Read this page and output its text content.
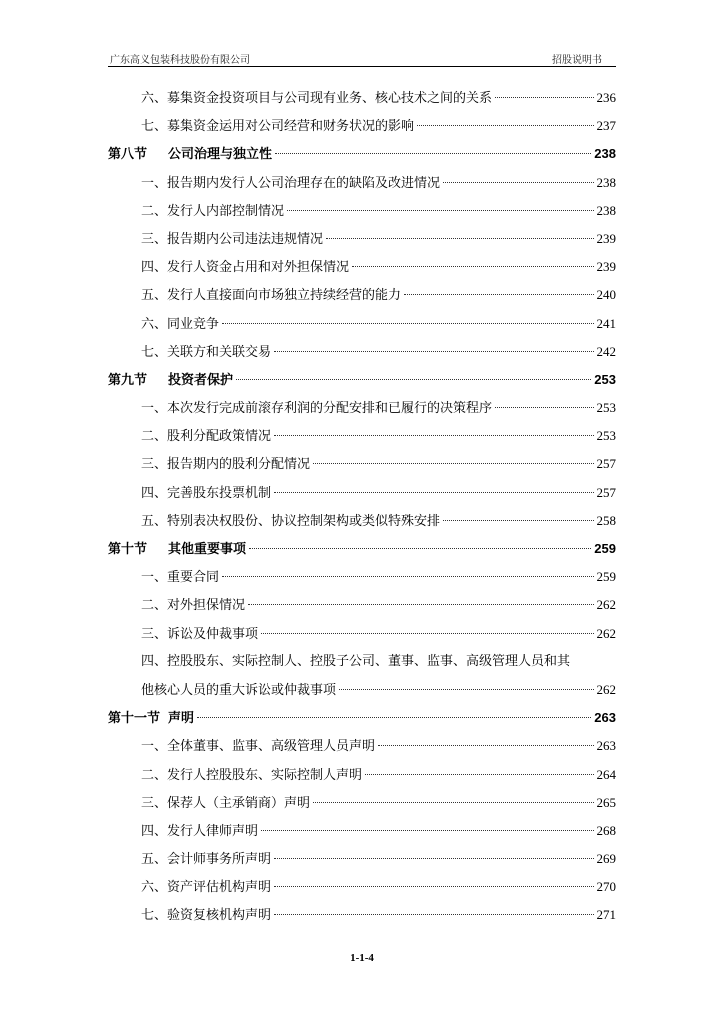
广东高义包装科技股份有限公司	招股说明书
六、募集资金投资项目与公司现有业务、核心技术之间的关系	236
七、募集资金运用对公司经营和财务状况的影响	237
第八节 公司治理与独立性	238
一、报告期内发行人公司治理存在的缺陷及改进情况	238
二、发行人内部控制情况	238
三、报告期内公司违法违规情况	239
四、发行人资金占用和对外担保情况	239
五、发行人直接面向市场独立持续经营的能力	240
六、同业竞争	241
七、关联方和关联交易	242
第九节 投资者保护	253
一、本次发行完成前滚存利润的分配安排和已履行的决策程序	253
二、股利分配政策情况	253
三、报告期内的股利分配情况	257
四、完善股东投票机制	257
五、特别表决权股份、协议控制架构或类似特殊安排	258
第十节 其他重要事项	259
一、重要合同	259
二、对外担保情况	262
三、诉讼及仲裁事项	262
四、控股股东、实际控制人、控股子公司、董事、监事、高级管理人员和其
他核心人员的重大诉讼或仲裁事项	262
第十一节 声明	263
一、全体董事、监事、高级管理人员声明	263
二、发行人控股股东、实际控制人声明	264
三、保荐人（主承销商）声明	265
四、发行人律师声明	268
五、会计师事务所声明	269
六、资产评估机构声明	270
七、验资复核机构声明	271
1-1-4
